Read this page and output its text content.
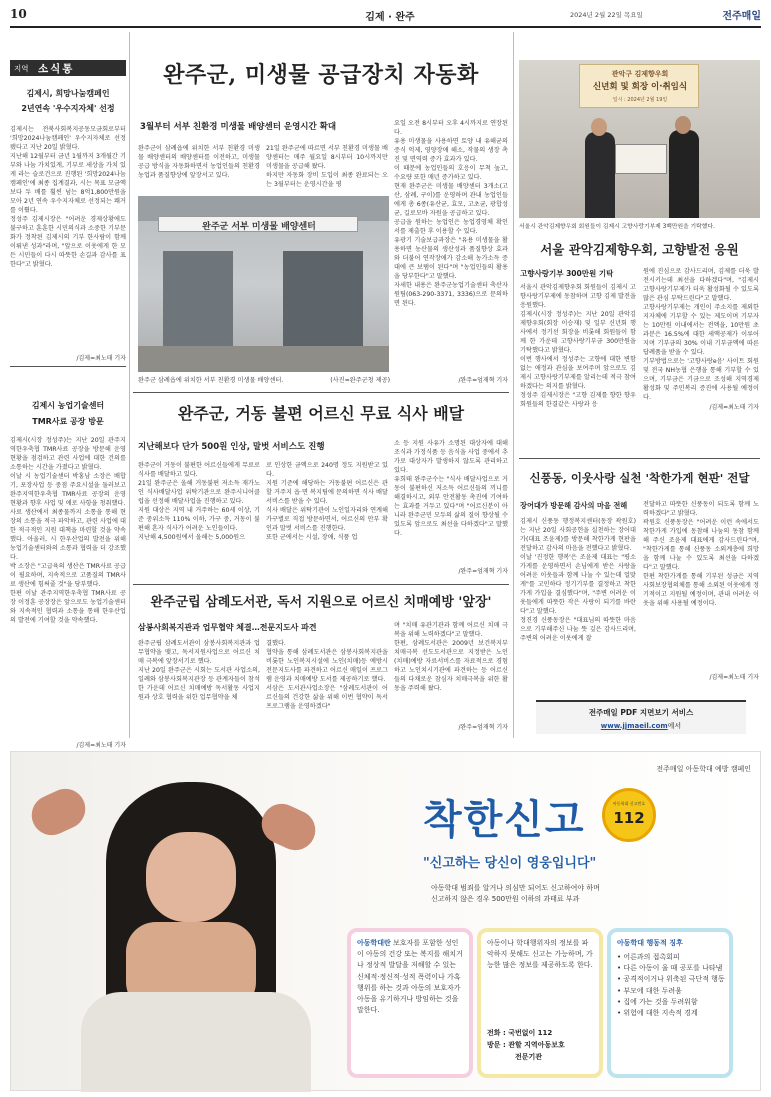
10	김제 · 완주	2024년 2월 22일 목요일	전주매일
지역 소식통
김제시, 희망나눔캠페인
2년연속 '우수지자체' 선정
김제시는 전북사회복지공동모금회로부터 '희망2024나눔캠페인' 우수지자체로 선정됐다고 지난 20일 밝혔다.
지난해 12월부터 금년 1월까지 3개월간 기부와 나눔 가치있게, 기부로 세상을 가치 있게 라는 슬로건으로 진행된 '희망2024나눔캠페인'에 최종 집계결과, 시는 목표 모금액보다 두 배를 훨씬 넘는 8억1,800만원을 모아 2년 연속 우수지자체로 선정되는 쾌거를 이뤘다.
정성주 김제시장은 "어려운 경제상황에도 불구하고 훈훈한 시민의식과 소중한 기부문화가 정착된 김제시의 기부 한사람이 함께 이뤄낸 성과"라며, "앞으로 이웃에게 한 모든 시민들이 다시 따뜻한 손길과 감사를 표한다"고 밝혔다.
/김제=최노태 기자
김제시 농업기술센터
TMR사료 공장 방문
김제시(시장 정성주)는 지난 20일 관주지역한우축협 TMR사료 공장을 방문해 운영 현황을 점검하고 관련 사업에 대한 건의를 소통하는 시간을 가졌다고 밝혔다.
이날 시 농업기술센터 박홍남 소장은 배합기, 포장사업 등 중점 주요시설을 둘러보고 완주지역한우축협 TMR사료 공장의 운영 현황과 향후 사업 및 애로 사항을 청취했다.
사료 생산에서 최종물까지 소통을 통해 현장의 소통을 적극 파악하고, 관련 사업에 대한 적극적인 지원 대책을 마련할 것을 약속했다. 아울러, 시 한우산업의 발전을 위해 농업기술센터와의 소통과 협력을 더 강조했다.
박 소장은 "고급육의 생산은 TMR사료 공급이 필요하며, 지속적으로 고품질의 TMR사료 생산에 힘써줄 것"을 당부했다.
한편 이날 관주지역한우축협 TMR사료 공장 이정훈 공장장은 앞으로도 농업기술센터와 지속적인 협력과 소통을 통해 한우산업의 발전에 기여할 것을 약속했다.
/김제=최노태 기자
완주군, 미생물 공급장치 자동화
3월부터 서부 친환경 미생물 배양센터 운영시간 확대
완주군이 삼례읍에 위치한 서부 친환경 미생물 배양센터의 배양센터를 이전하고, 미생물 공급 방식을 자동화하면서 농업인들의 친환경 농업과 품질향상에 앞장서고 있다.
21일 완주군에 따르면 서부 친환경 미생물 배양센터는 매주 월요일 8시부터 10시까지만 미생물을 공급해 왔다.
하지만 자동화 장비 도입이 최종 완료되는 오는 3월부터는 운영시간을 평
완주군 서부 미생물 배양센터
완주군 삼례읍에 위치한 서부 친환경 미생물 배양센터.	(사진=완주군청 제공)
요일 오전 8시부터 오후 4시까지로 연장된다.
유용 미생물을 사용하면 토양 내 유해균의 증식 억제, 영양장애 해소, 작물의 생장 촉진 및 면역력 증가 효과가 있다.
이 때문에 농업인들의 호응이 무척 높고, 수요량 또한 매년 증가하고 있다.
현재 완주군은 미생물 배양센터 3개소(고산, 삼례, 구이)를 운영하며 관내 농업인들에게 총 6종(유산균, 효모, 고초균, 광합성균, 길로모바 자원을 공급하고 있다.
공급을 원하는 농업인은 농업경영체 확인서를 제출한 후 이용할 수 있다.
유광기 기술보급과장은 "유용 미생물을 활용하면 농산물의 생산성과 품질향상 효과와 더불어 연작장애가 감소해 농가소득 증대에 큰 보탬이 된다"며 "농업인들의 활용을 당부한다"고 말했다.
자세한 내용은 완주군농업기술센터 축산자원팀(063-290-3371, 3336)으로 문의하면 된다.
/완주=엄재혁 기자
완주군, 거동 불편 어르신 무료 식사 배달
지난해보다 단가 500원 인상, 말벗 서비스도 진행
완주군이 거동이 불편한 어르신들에게 무료로 식사를 배달하고 있다.
21일 완주군은 올해 거동불편 저소득 재가노인 식사배달사업 위탁기관으로 완주시니어클럽을 선정해 배달사업을 진행하고 있다.
지원 대상은 지역 내 거주하는 60세 이상, 기준 중위소득 110% 이하, 가구 중, 거동이 불편해 혼자 식사가 어려운 노인들이다.
지난해 4,500원에서 올해는 5,000원으
로 인상한 금액으로 240명 정도 지원받고 있다.
지원 기준에 해당하는 거동불편 어르신은 관할 거주지 읍·면 복지팀에 문의하면 식사 배달 서비스를 받을 수 있다.
식사 배달은 위탁기관이 노인일자리와 연계해 가구별로 직접 방문하면서, 어르신의 안부 확인과 말벗 서비스를 진행한다.
또한 군에서는 시설, 장애, 식품 업
소 등 지원 사유가 소명된 대상자에 대해 조식과 가정식품 등 음식을 사업 중에서 추가로 대상자가 발생하지 않도록 관리하고 있다.
유희태 완주군수는 "식사 배달사업으로 거동이 불편하신 저소득 어르신들의 끼니를 해결하시고, 외부 안전활동 촉진에 기여하는 효과를 거두고 있다"며 "어르신분이 아니라 완주군민 모두의 삶의 질이 향상될 수 있도록 앞으로도 최선을 다하겠다"고 말했다.
/완주=엄재혁 기자
완주군립 삼례도서관, 독서 지원으로 어르신 치매예방 '앞장'
삼봉사회복지관과 업무협약 체결…전문지도사 파견
완주군립 삼례도서관이 삼봉사회복지관과 업무협약을 맺고, 독서지원사업으로 어르신 치매 극복에 앞장서기로 했다.
지난 20일 완주군은 시회는 도서관 사업소의, 일례와 삼봉사회복지관장 등 관계자들이 참석한 가운데 어르신 치매예방 독서활동 사업지원과 상호 협력을 위한 업무협약을 체
결했다.
협약을 통해 삼례도서관은 삼봉사회복지관을 비롯한 노인복지시설에 노인(치매)등 예방시 전문지도사를 파견하고 어르신 매일이 프로그램 운영과 치매예방 도서를 제공하기로 했다.
서삼은 도서관사업소장은 "삼례도서관이 어르신들의 건강한 삶을 위해 이번 협약이 독서프로그램을 운영하겠다"
며 "치매 유관기관과 함께 어르신 치매 극복을 위해 노력하겠다"고 말했다.
한편, 삼례도서관은 2009년 보건복지부 치매극복 선도도서관으로 지정받은 노인(치매)예방 자료서비스를 자료적으로 경험하고 노인치시기관에 파견하는 등 어르신들의 다채로운 참심자 치매극복을 위한 활동을 주력해 왔다.
/완주=엄재혁 기자
관악구 김제향우회
신년회 및 회장 이·취임식
일시 : 2024년 2월 19일
서울시 관악김제향우회 회원들이 김제시 고향사랑기부제 3백만원을 기탁했다.
서울 관악김제향우회, 고향발전 응원
고향사랑기부 300만원 기탁
서울시 관악김제향우회 회원들이 김제시 고향사랑기부제에 동참하며 고향 김제 발전을 응원했다.
김제시(시장 정성주)는 지난 20일 관악김제향우회(회장 이승재) 및 일부 신년회 행사에서 정기선 회장을 비롯해 회원들이 함께 한 가운데 고향사랑기부금 300만원을 기탁했다고 밝혔다.
이번 행사에서 정성주는 고향에 대한 변함없는 애정과 관심을 보여주며 앞으로도 김제시 고향사랑기부제를 알리는데 적극 참여하겠다는 의지를 밝혔다.
정성주 김제시장은 "고향 김제를 향한 향우회원들의 한결같은 사랑과 응
원에 진심으로 감사드리며, 김제를 더욱 발전시키는데 최선을 다하겠다"며, "김제시 고향사랑기부제가 더욱 활성화될 수 있도록 많은 관심 부탁드린다"고 말했다.
고향사랑기부제는 개인이 주소지를 제외한 지자체에 기부할 수 있는 제도이며 기부자는 10만원 이내에서는 전액을, 10만원 초과분은 16.5%에 대한 세액공제가 이루어지며 기부금의 30% 이내 기부금액에 따른 답례품을 받을 수 있다.
기부방법으로는 '고향사랑e음' 사이트 회원 및 전국 NH농협 은행을 통해 기부할 수 있으며, 기부금은 기금으로 조성해 지역경제 활성화 및 주민복리 증진에 사용될 예정이다.
/김제=최노태 기자
신풍동, 이웃사랑 실천 '착한가게 현판' 전달
장어대가 방문해 감사의 마음 전해
김제시 신풍동 행정복지센터(동장 곽원호)는 지난 20일 사회공헌을 실천하는 장어대가(대표 조윤제)를 방문해 착한가게 현판을 전달하고 감사의 마음을 전했다고 밝혔다.
이날 '진정한 행복'은 조윤제 대표는 "평소 가게를 운영하면서 손님에게 받은 사랑을 어려운 이웃들과 함께 나눌 수 있는데 얼맞게"를 고민하다 정기기부를 결정하고 착한가게 가입을 결심했다"며, "주변 어려운 이웃들에게 따뜻한 작은 사랑이 되기를 바란다"고 말했다.
정진경 신풍동장은 "대표님의 따뜻한 마음으로 기부해주신 나눔 뜻 깊은 감사드리며, 주변의 어려운 이웃에게 잘
전달하고 따뜻한 신풍동이 되도록 함께 노력하겠다"고 밝혔다.
곽원호 신풍동장은 "어려운 이런 속에서도 착한가게 가입에 동참해 나눔의 동참 함께 해 주신 조윤제 대표에게 감사드린다"며, "착한가게를 통해 신풍동 소외계층에 희망을 함께 나눌 수 있도록 최선을 다하겠다"고 말했다.
한편 착한가게를 통해 기부된 성금은 지역사회보장협의체를 통해 소외된 이웃에게 정기적이고 지원될 예정이며, 관내 어려운 이웃을 위해 사용될 예정이다.
/김제=최노태 기자
전주매일 PDF 지면보기 서비스
www.jjmaeil.com에서
전주매일 아동학대 예방 캠페인
착한신고	아동학대 신고번호
112
"신고하는 당신이 영웅입니다"
아동학대 범죄를 알거나 의심만 되어도 신고하여야 하며
신고하지 않은 경우 500만원 이하의 과태료 부과
아동학대란 보호자를 포함한 성인이 아동의 건강 또는 복지를 해치거나 정상적 발달을 저해할 수 있는 신체적·정신적·성적 폭력이나 가혹행위를 하는 것과 아동의 보호자가 아동을 유기하거나 방임하는 것을 말한다.
아동이나 학대행위자의 정보를 파악하지 못해도 신고는 가능하며, 가능한 많은 정보를 제공하도록 한다.
전화 : 국번없이 112
방문 : 관할 지역아동보호
전문기관
아동학대 행동적 징후
• 어른과의 접촉회피
• 다른 아동이 울 때 공포를 나타냄
• 공격적이거나 위축된 극단적 행동
• 부모에 대한 두려움
• 집에 가는 것을 두려워함
• 위험에 대한 지속적 경계
